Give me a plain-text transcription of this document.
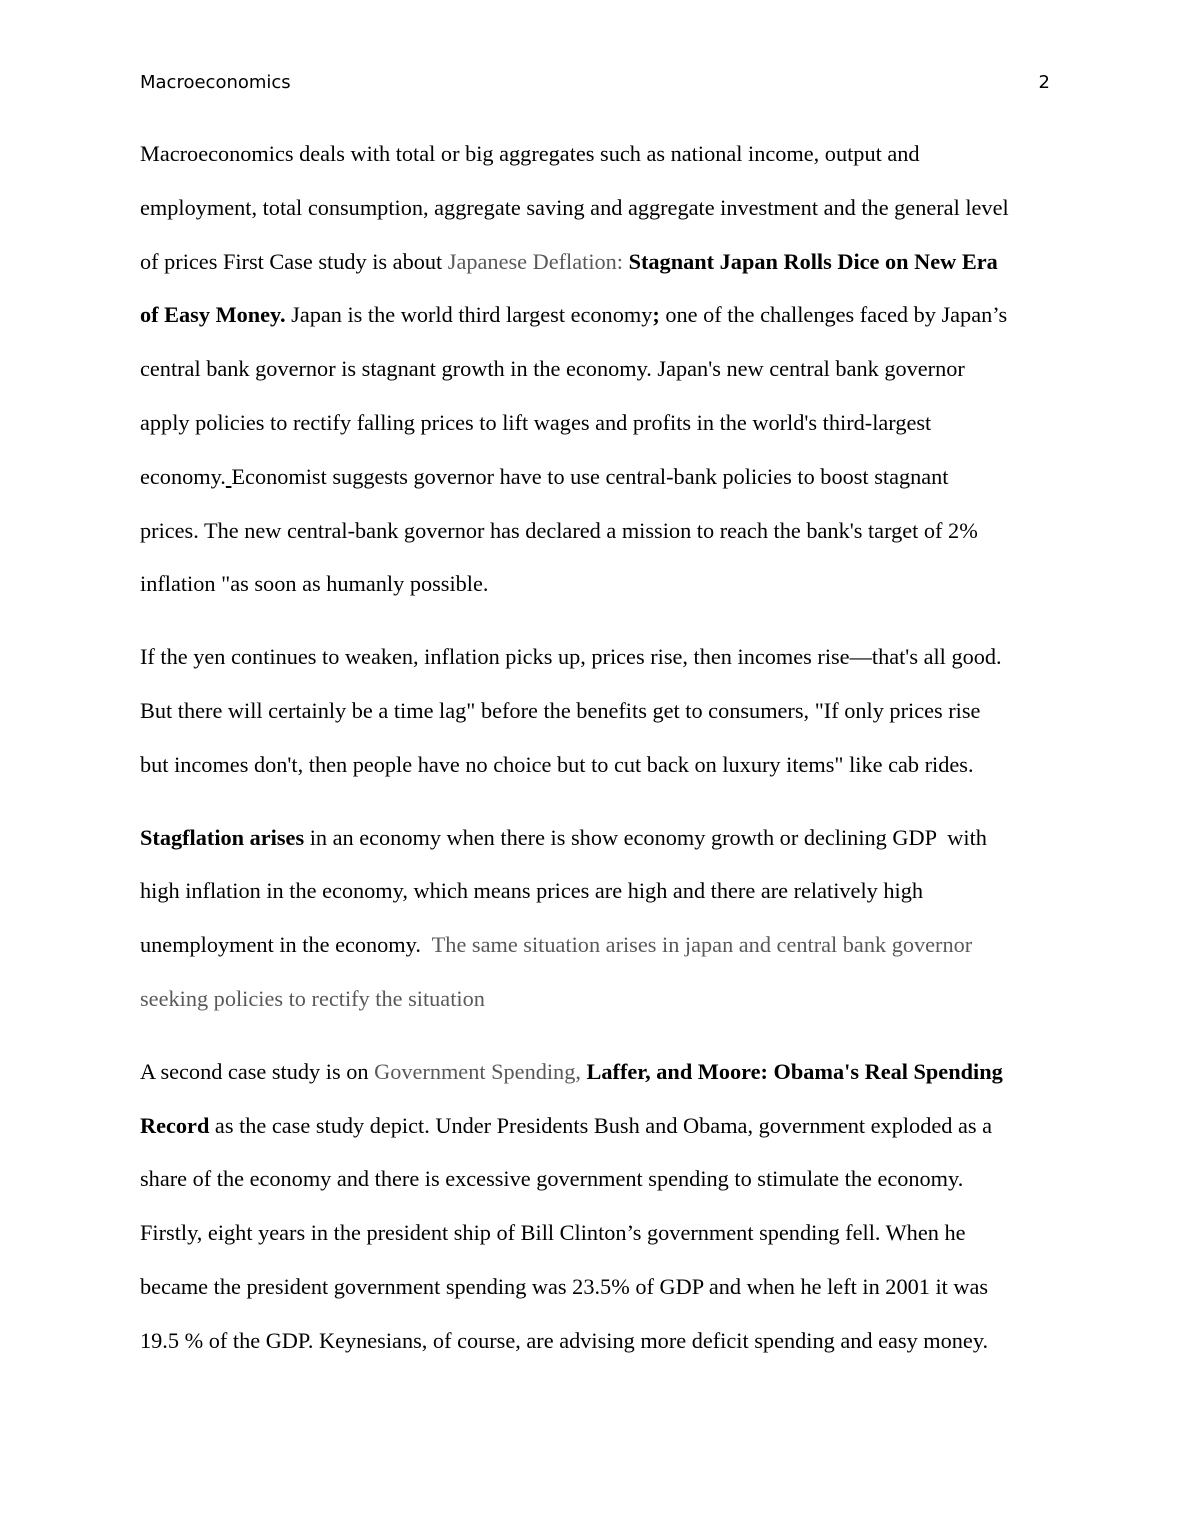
Macroeconomics	2

Macroeconomics deals with total or big aggregates such as national income, output and
employment, total consumption, aggregate saving and aggregate investment and the general level
of prices First Case study is about Japanese Deflation: Stagnant Japan Rolls Dice on New Era
of Easy Money. Japan is the world third largest economy; one of the challenges faced by Japan’s
central bank governor is stagnant growth in the economy. Japan's new central bank governor
apply policies to rectify falling prices to lift wages and profits in the world's third-largest
economy. Economist suggests governor have to use central-bank policies to boost stagnant
prices. The new central-bank governor has declared a mission to reach the bank's target of 2%
inflation "as soon as humanly possible.

If the yen continues to weaken, inflation picks up, prices rise, then incomes rise—that's all good.
But there will certainly be a time lag" before the benefits get to consumers, "If only prices rise
but incomes don't, then people have no choice but to cut back on luxury items" like cab rides.

Stagflation arises in an economy when there is show economy growth or declining GDP  with
high inflation in the economy, which means prices are high and there are relatively high
unemployment in the economy.  The same situation arises in japan and central bank governor
seeking policies to rectify the situation

A second case study is on Government Spending, Laffer, and Moore: Obama's Real Spending
Record as the case study depict. Under Presidents Bush and Obama, government exploded as a
share of the economy and there is excessive government spending to stimulate the economy.
Firstly, eight years in the president ship of Bill Clinton’s government spending fell. When he
became the president government spending was 23.5% of GDP and when he left in 2001 it was
19.5 % of the GDP. Keynesians, of course, are advising more deficit spending and easy money.
